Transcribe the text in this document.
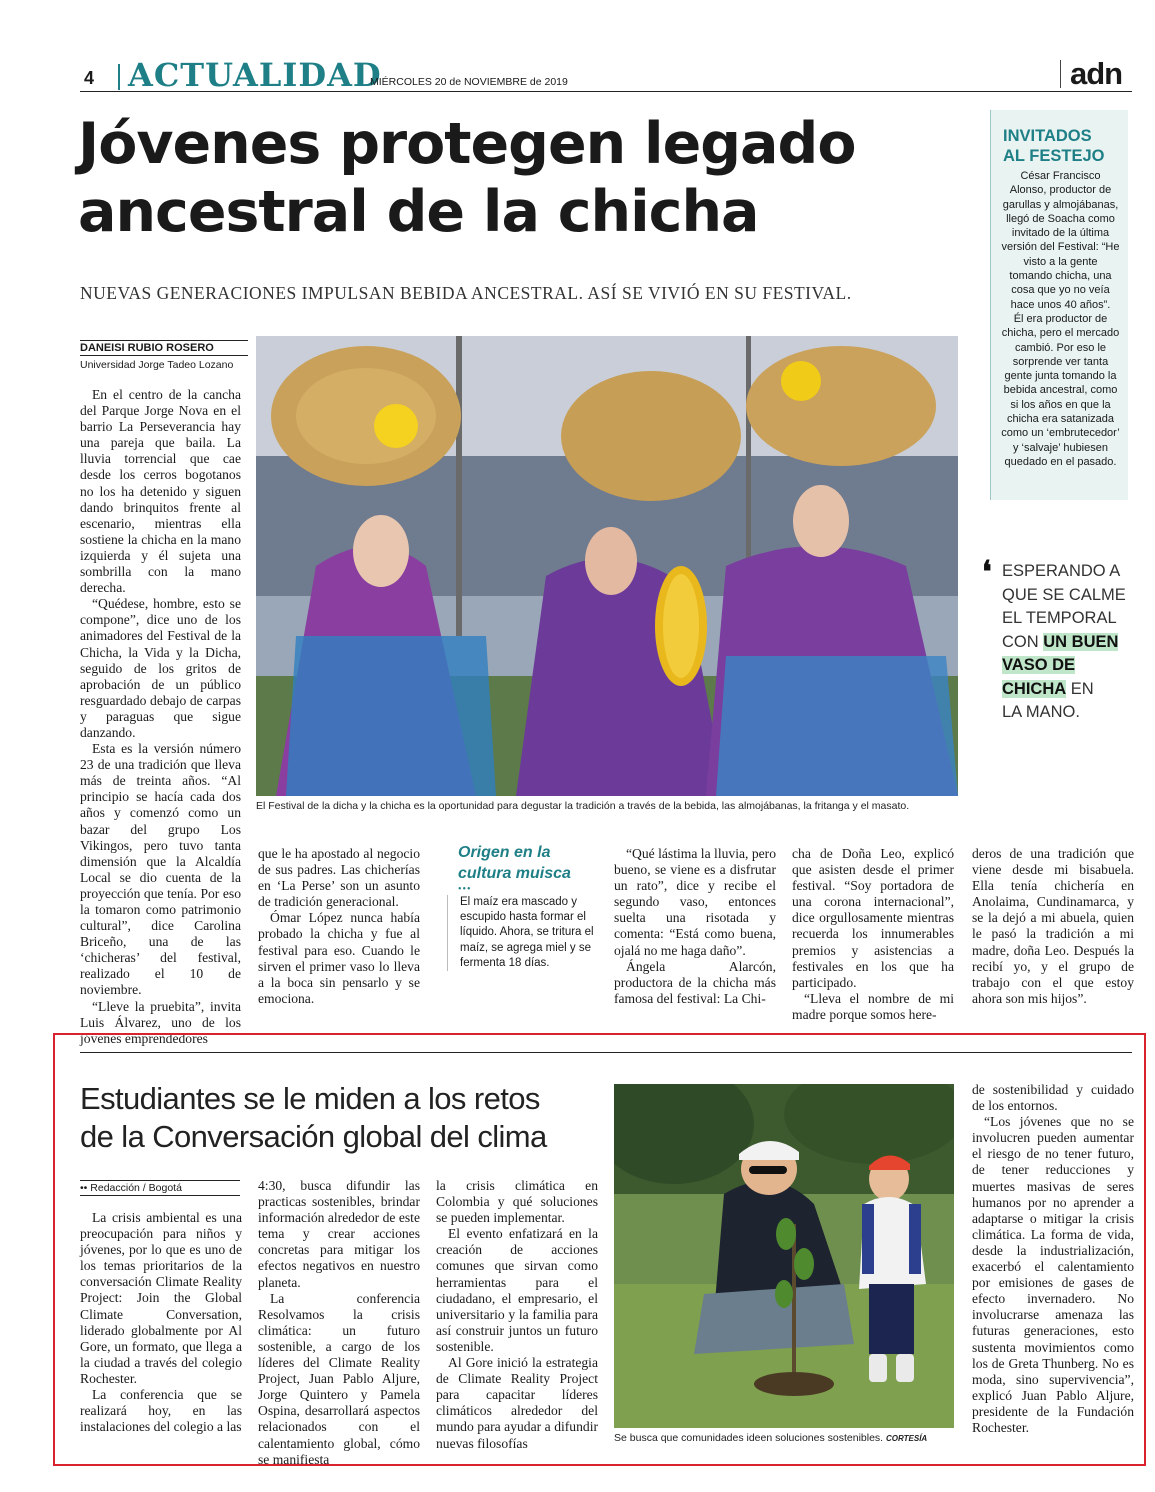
4 ACTUALIDAD
MIÉRCOLES 20 de NOVIEMBRE de 2019	adn
Jóvenes protegen legado
ancestral de la chicha
NUEVAS GENERACIONES IMPULSAN BEBIDA ANCESTRAL. ASÍ SE VIVIÓ EN SU FESTIVAL.
DANEISI RUBIO ROSERO
Universidad Jorge Tadeo Lozano
El Festival de la dicha y la chicha es la oportunidad para degustar la tradición a través de la bebida, las almojábanas, la fritanga y el masato.
INVITADOS
AL FESTEJO
César Francisco Alonso, productor de garullas y almojábanas, llegó de Soacha como invitado de la última versión del Festival: “He visto a la gente tomando chicha, una cosa que yo no veía hace unos 40 años”.
Él era productor de chicha, pero el mercado cambió. Por eso le sorprende ver tanta gente junta tomando la bebida ancestral, como si los años en que la chicha era satanizada como un ‘embrutecedor’ y ‘salvaje’ hubiesen quedado en el pasado.
❛ ESPERANDO A
QUE SE CALME
EL TEMPORAL
CON UN BUEN
VASO DE
CHICHA EN
LA MANO.

En el centro de la cancha del Parque Jorge Nova en el barrio La Perseverancia hay una pareja que baila. La lluvia torrencial que cae desde los cerros bogotanos no los ha detenido y siguen dando brinquitos frente al escenario, mientras ella sostiene la chicha en la mano izquierda y él sujeta una sombrilla con la mano derecha.

“Quédese, hombre, esto se compone”, dice uno de los animadores del Festival de la Chicha, la Vida y la Dicha, seguido de los gritos de aprobación de un público resguardado debajo de carpas y paraguas que sigue danzando.

Esta es la versión número 23 de una tradición que lleva más de treinta años. “Al principio se hacía cada dos años y comenzó como un bazar del grupo Los Vikingos, pero tuvo tanta dimensión que la Alcaldía Local se dio cuenta de la proyección que tenía. Por eso la tomaron como patrimonio cultural”, dice Carolina Briceño, una de las ‘chicheras’ del festival, realizado el 10 de noviembre.

“Lleve la pruebita”, invita Luis Álvarez, uno de los jóvenes emprendedores

que le ha apostado al negocio de sus padres. Las chicherías en ‘La Perse’ son un asunto de tradición generacional.

Ómar López nunca había probado la chicha y fue al festival para eso. Cuando le sirven el primer vaso lo lleva a la boca sin pensarlo y se emociona.

Origen en la
cultura muisca
•••
El maíz era mascado y escupido hasta formar el líquido. Ahora, se tritura el maíz, se agrega miel y se fermenta 18 días.

“Qué lástima la lluvia, pero bueno, se viene es a disfrutar un rato”, dice y recibe el segundo vaso, entonces suelta una risotada y comenta: “Está como buena, ojalá no me haga daño”.

Ángela Alarcón, productora de la chicha más famosa del festival: La Chi-

cha de Doña Leo, explicó que asisten desde el primer festival. “Soy portadora de una corona internacional”, dice orgullosamente mientras recuerda los innumerables premios y asistencias a festivales en los que ha participado.

“Lleva el nombre de mi madre porque somos here-

deros de una tradición que viene desde mi bisabuela. Ella tenía chichería en Anolaima, Cundinamarca, y se la dejó a mi abuela, quien le pasó la tradición a mi madre, doña Leo. Después la recibí yo, y el grupo de trabajo con el que estoy ahora son mis hijos”.

Estudiantes se le miden a los retos
de la Conversación global del clima
•• Redacción / Bogotá

La crisis ambiental es una preocupación para niños y jóvenes, por lo que es uno de los temas prioritarios de la conversación Climate Reality Project: Join the Global Climate Conversation, liderado globalmente por Al Gore, un formato, que llega a la ciudad a través del colegio Rochester.

La conferencia que se realizará hoy, en las instalaciones del colegio a las

4:30, busca difundir las practicas sostenibles, brindar información alrededor de este tema y crear acciones concretas para mitigar los efectos negativos en nuestro planeta.

La conferencia Resolvamos la crisis climática: un futuro sostenible, a cargo de los líderes del Climate Reality Project, Juan Pablo Aljure, Jorge Quintero y Pamela Ospina, desarrollará aspectos relacionados con el calentamiento global, cómo se manifiesta

la crisis climática en Colombia y qué soluciones se pueden implementar.

El evento enfatizará en la creación de acciones comunes que sirvan como herramientas para el ciudadano, el empresario, el universitario y la familia para así construir juntos un futuro sostenible.

Al Gore inició la estrategia de Climate Reality Project para capacitar líderes climáticos alrededor del mundo para ayudar a difundir nuevas filosofías	Se busca que comunidades ideen soluciones sostenibles. CORTESÍA

de sostenibilidad y cuidado de los entornos.

“Los jóvenes que no se involucren pueden aumentar el riesgo de no tener futuro, de tener reducciones y muertes masivas de seres humanos por no aprender a adaptarse o mitigar la crisis climática. La forma de vida, desde la industrialización, exacerbó el calentamiento por emisiones de gases de efecto invernadero. No involucrarse amenaza las futuras generaciones, esto sustenta movimientos como los de Greta Thunberg. No es moda, sino supervivencia”, explicó Juan Pablo Aljure, presidente de la Fundación Rochester.
